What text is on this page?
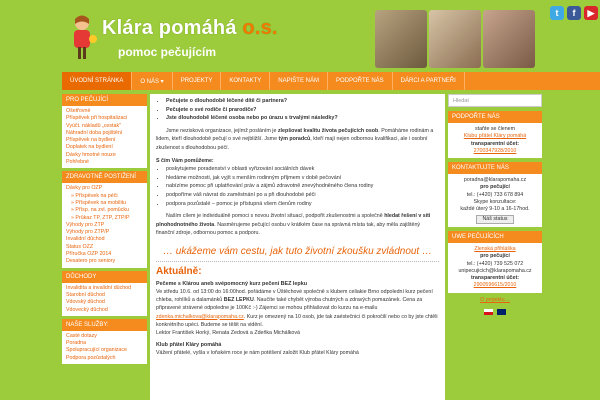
Klára pomáhá o.s.
pomoc pečujícím
t	f	▶
ÚVODNÍ STRÁNKA	O NÁS ▾	PROJEKTY	KONTAKTY	NAPIŠTE NÁM	PODPOŘTE NÁS	DÁRCI A PARTNEŘI
PRO PEČUJÍCÍ
Ošetřovné
Příspěvek při hospitalizaci
Vyúčt. nákladů „cestak"
Náhradní doba pojištění
Příspěvek na bydlení
Doplatek na bydlení
Dávky hmotné nouze
Pohřebné
ZDRAVOTNĚ POSTIŽENÍ
Dávky pro OZP
» Příspěvek na péči
» Příspěvek na mobilitu
» Přísp. na zvl. pomůcku
» Průkaz TP, ZTP, ZTP/P
Výhody pro ZTP
Výhody pro ZTP/P
Invalidní důchod
Status OZZ
Příručka OZP 2014
Desatero pro seniory
DŮCHODY
Invalidita a invalidní důchod
Starobní důchod
Vdovský důchod
Vdovecký důchod
NAŠE SLUŽBY:
Časté dotazy
Poradna
Spolupracující organizace
Podpora pozůstalých
• Pečujete o dlouhodobě léčené dítě či partnera?
• Pečujete o své rodiče či prarodiče?
• Jste dlouhodobě léčené osoba nebo po úrazu s trvalými následky?
Jsme nezisková organizace, jejímž posláním je zlepšovat kvalitu života pečujících osob. Pomáháme rodinám a lidem, kteří dlouhodobě pečují o své nejbližší. Jsme tým poradců, kteří mají nejen odbornou kvalifikaci, ale i osobní zkušenost s dlouhodobou péčí.
S čím Vám pomůžeme:
• poskytujeme poradenství v oblasti vyřizování sociálních dávek
• hledáme možnosti, jak vyjít s menším rodinným příjmem v době pečování
• nabízíme pomoc při uplatňování práv a zájmů zdravotně znevýhodněného člena rodiny
• podpoříme váš návrat do zaměstnání po a při dlouhodobé péči
• podpora pozůstalé – pomoc je přístupná všem členům rodiny
Naším cílem je individuálně pomoci s novou životní situací, podpořit zkušenostmi a společně hledat řešení v síti plnohodnotného života. Nasměrujeme pečující osobu v krátkém čase na správná místa tak, aby měla zajištěný finanční zdroje, odbornou pomoc a podporu.
… ukážeme vám cestu, jak tuto životní zkoušku zvládnout …
Aktuálně:
Pečeme s Klárou aneb svépomocný kurz pečení BEZ lepku
Ve středu 10.6. od 13:00 do 16:00hod. pořádáme v Úštěchové společně s klubem celiakie Brno odpolední kurz pečení chleba, rohlíků a dalamánků BEZ LEPKU. Naučíte také chybět výroba chutných a zdravých pomazánek. Cena za připravené strávené odpoledne je 100Kč :-) Zájemci se mohou přihlašovat do kurzu na e-mailu zdenka.michalkova@klarapomaha.cz. Kurz je omezený na 10 osob, jde tak zaéstečnici či pokročilí nebo co by jste chtěli konkrétního upéci. Budeme se těšit na vidění.
Lektor František Horký, Renata Zedová a Zdeňka Michálková
Klub přátel Kláry pomáhá
Vážení přátelé, vyšla v loňském roce je nám potěšení založit Klub přátel Kláry pomáhá
Hledat
PODPOŘTE NÁS
staňte se členem
Klubu přátel Kláry pomáhá
transparentní účet:
2700347928/2010
KONTAKTUJTE NÁS
poradna@klarapomaha.cz
pro pečující
tel.: (+420) 733 678 894
Skype konzultace:
každé úterý 9-10 a 16-17hod.
Náš status
UWE PEČUJÍCÍCH
Zlenská přihláška
pro pečující
tel.: (+420) 739 525 072
unipecujicich@klarapomaha.cz
transparentní účet:
2900596615/2010
O projektu…
